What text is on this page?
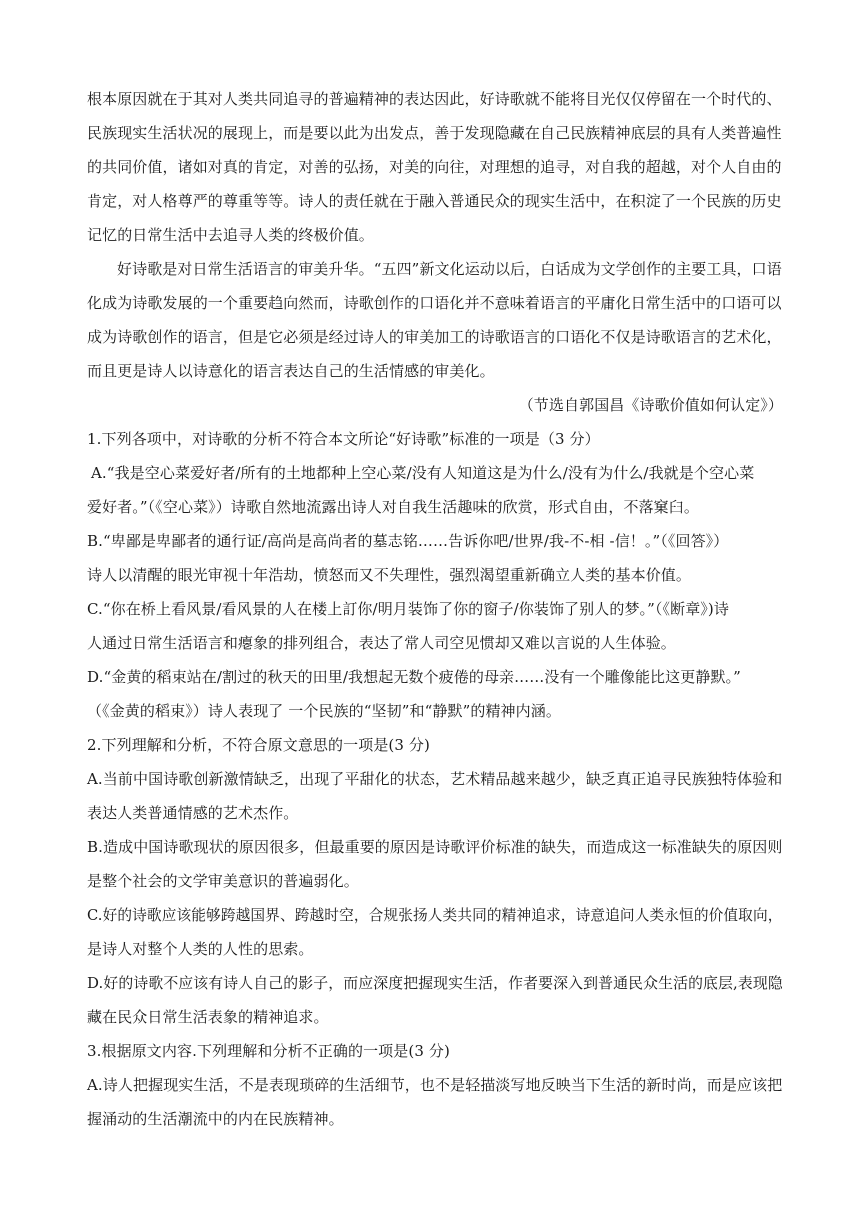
根本原因就在于其对人类共同追寻的普遍精神的表达因此，好诗歌就不能将目光仅仅停留在一个时代的、
民族现实生活状况的展现上，而是要以此为出发点，善于发现隐藏在自己民族精神底层的具有人类普遍性
的共同价值，诸如对真的肯定，对善的弘扬，对美的向往，对理想的追寻，对自我的超越，对个人自由的
肯定，对人格尊严的尊重等等。诗人的责任就在于融入普通民众的现实生活中，在积淀了一个民族的历史
记忆的日常生活中去追寻人类的终极价值。
好诗歌是对日常生活语言的审美升华。“五四”新文化运动以后，白话成为文学创作的主要工具，口语
化成为诗歌发展的一个重要趋向然而，诗歌创作的口语化并不意味着语言的平庸化日常生活中的口语可以
成为诗歌创作的语言，但是它必须是经过诗人的审美加工的诗歌语言的口语化不仅是诗歌语言的艺术化，
而且更是诗人以诗意化的语言表达自己的生活情感的审美化。
（节选自郭国昌《诗歌价值如何认定》）
1.下列各项中，对诗歌的分析不符合本文所论“好诗歌”标准的一项是（3 分）
A.“我是空心菜爱好者/所有的土地都种上空心菜/没有人知道这是为什么/没有为什么/我就是个空心菜
爱好者。”（《空心菜》）诗歌自然地流露出诗人对自我生活趣味的欣赏，形式自由，不落窠臼。
B.“卑鄙是卑鄙者的通行证/高尚是高尚者的墓志铭……告诉你吧/世界/我-不-相 -信！。”（《回答》）
诗人以清醒的眼光审视十年浩劫，愤怒而又不失理性，强烈渴望重新确立人类的基本价值。
C.“你在桥上看风景/看风景的人在楼上訂你/明月装饰了你的窗子/你装饰了别人的梦。”（《断章》)诗
人通过日常生活语言和瘪象的排列组合，表达了常人司空见惯却又难以言说的人生体验。
D.“金黄的稻束站在/割过的秋天的田里/我想起无数个疲倦的母亲……没有一个雕像能比这更静默。”
（《金黄的稻束》）诗人表现了 一个民族的“坚韧”和“静默”的精神内涵。
2.下列理解和分析，不符合原文意思的一项是(3 分)
A.当前中国诗歌创新激情缺乏，出现了平甜化的状态，艺术精品越来越少，缺乏真正追寻民族独特体验和
表达人类普通情感的艺术杰作。
B.造成中国诗歌现状的原因很多，但最重要的原因是诗歌评价标准的缺失，而造成这一标准缺失的原因则
是整个社会的文学审美意识的普遍弱化。
C.好的诗歌应该能够跨越国界、跨越时空，合规张扬人类共同的精神追求，诗意追问人类永恒的价值取向，
是诗人对整个人类的人性的思索。
D.好的诗歌不应该有诗人自己的影子，而应深度把握现实生活，作者要深入到普通民众生活的底层,表现隐
藏在民众日常生活表象的精神追求。
3.根据原文内容.下列理解和分析不正确的一项是(3 分)
A.诗人把握现实生活，不是表现琐碎的生活细节，也不是轻描淡写地反映当下生活的新时尚，而是应该把
握涌动的生活潮流中的内在民族精神。
